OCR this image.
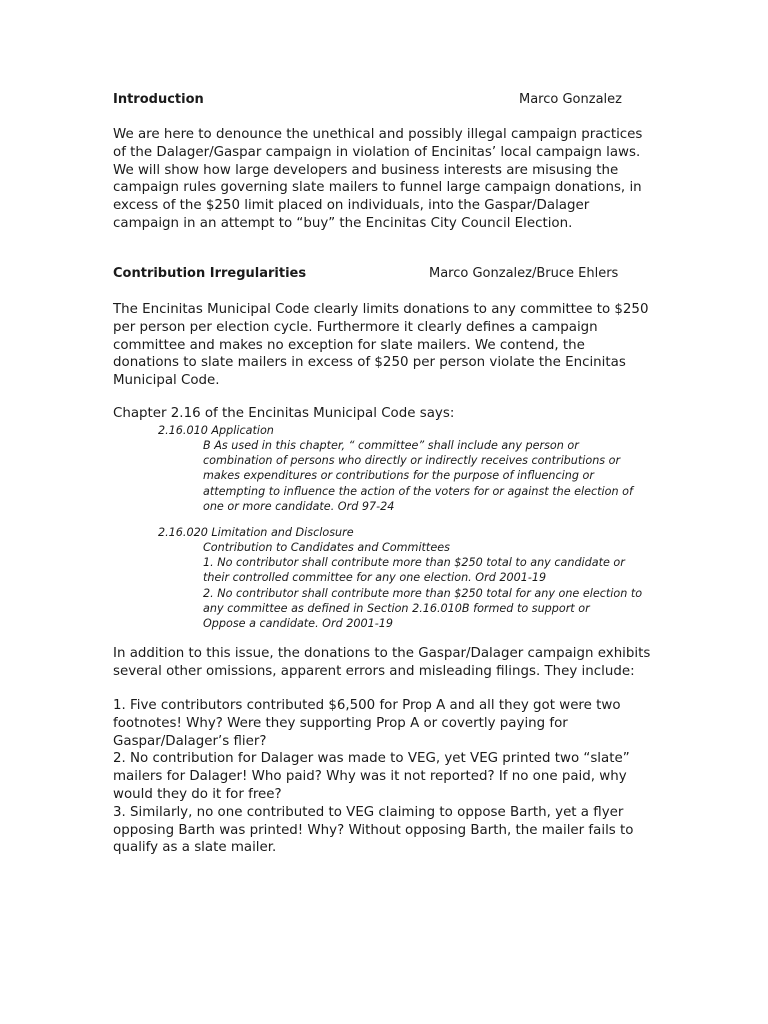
Introduction	Marco Gonzalez
We are here to denounce the unethical and possibly illegal campaign practices
of the Dalager/Gaspar campaign in violation of Encinitas’ local campaign laws.
We will show how large developers and business interests are misusing the
campaign rules governing slate mailers to funnel large campaign donations, in
excess of the $250 limit placed on individuals, into the Gaspar/Dalager
campaign in an attempt to “buy” the Encinitas City Council Election.
Contribution Irregularities	Marco Gonzalez/Bruce Ehlers
The Encinitas Municipal Code clearly limits donations to any committee to $250
per person per election cycle. Furthermore it clearly defines a campaign
committee and makes no exception for slate mailers. We contend, the
donations to slate mailers in excess of $250 per person violate the Encinitas
Municipal Code.
Chapter 2.16 of the Encinitas Municipal Code says:
2.16.010 Application
B As used in this chapter, “ committee” shall include any person or
combination of persons who directly or indirectly receives contributions or
makes expenditures or contributions for the purpose of influencing or
attempting to influence the action of the voters for or against the election of
one or more candidate. Ord 97-24
2.16.020 Limitation and Disclosure
Contribution to Candidates and Committees
1. No contributor shall contribute more than $250 total to any candidate or
their controlled committee for any one election. Ord 2001-19
2. No contributor shall contribute more than $250 total for any one election to
any committee as defined in Section 2.16.010B formed to support or
Oppose a candidate. Ord 2001-19
In addition to this issue, the donations to the Gaspar/Dalager campaign exhibits
several other omissions, apparent errors and misleading filings. They include:
1. Five contributors contributed $6,500 for Prop A and all they got were two
footnotes! Why? Were they supporting Prop A or covertly paying for
Gaspar/Dalager’s flier?
2. No contribution for Dalager was made to VEG, yet VEG printed two “slate”
mailers for Dalager! Who paid? Why was it not reported? If no one paid, why
would they do it for free?
3. Similarly, no one contributed to VEG claiming to oppose Barth, yet a flyer
opposing Barth was printed! Why? Without opposing Barth, the mailer fails to
qualify as a slate mailer.
